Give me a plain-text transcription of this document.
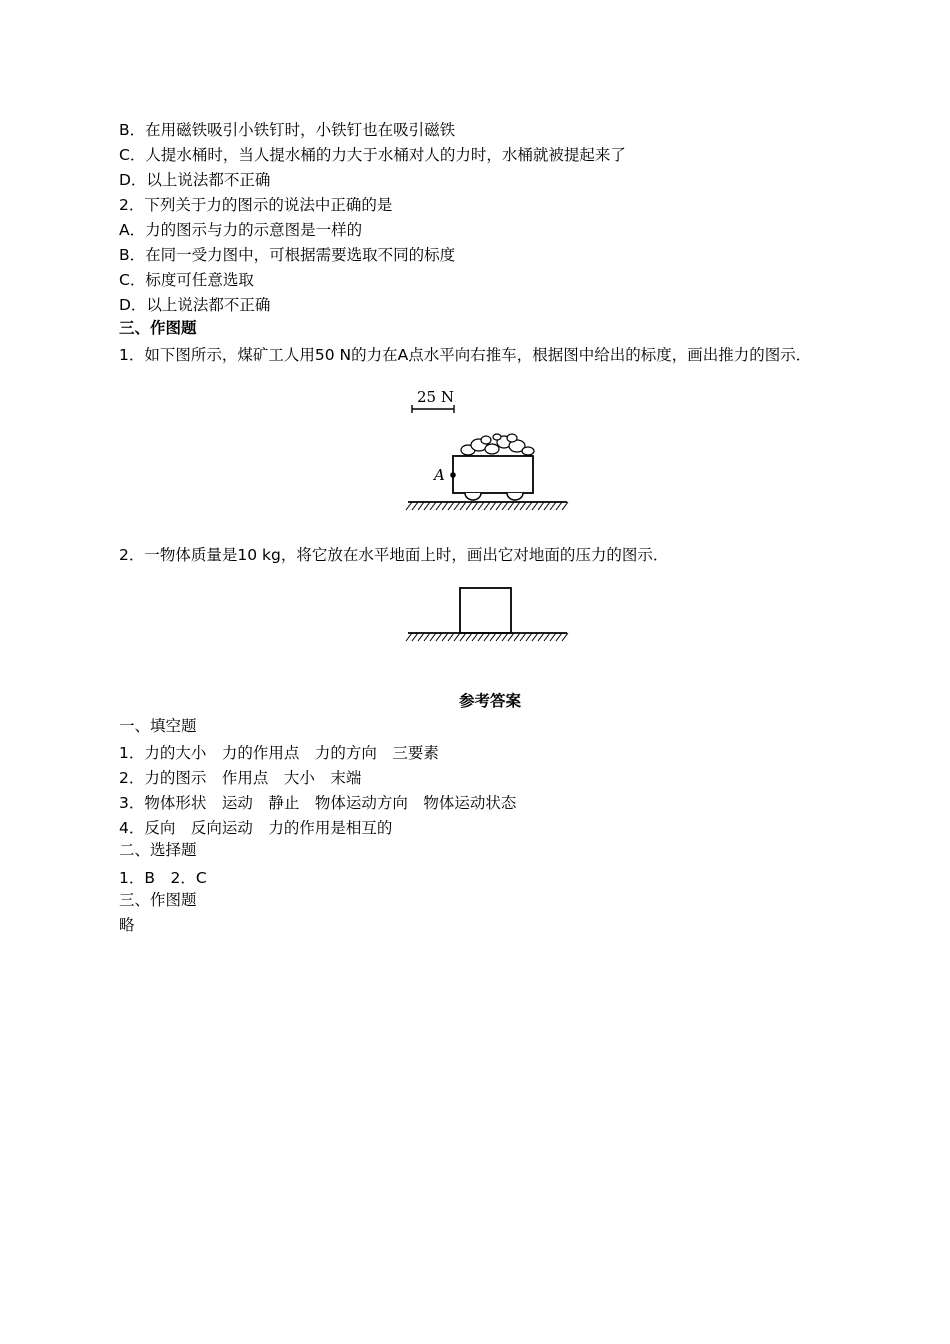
B．在用磁铁吸引小铁钉时，小铁钉也在吸引磁铁
C．人提水桶时，当人提水桶的力大于水桶对人的力时，水桶就被提起来了
D．以上说法都不正确
2．下列关于力的图示的说法中正确的是
A．力的图示与力的示意图是一样的
B．在同一受力图中，可根据需要选取不同的标度
C．标度可任意选取
D．以上说法都不正确
三、作图题
1．如下图所示，煤矿工人用50 N的力在A点水平向右推车，根据图中给出的标度，画出推力的图示．
25 N
A
2．一物体质量是10 kg，将它放在水平地面上时，画出它对地面的压力的图示．
参考答案
一、填空题
1．力的大小　力的作用点　力的方向　三要素
2．力的图示　作用点　大小　末端
3．物体形状　运动　静止　物体运动方向　物体运动状态
4．反向　反向运动　力的作用是相互的
二、选择题
1．B　2．C
三、作图题
略
